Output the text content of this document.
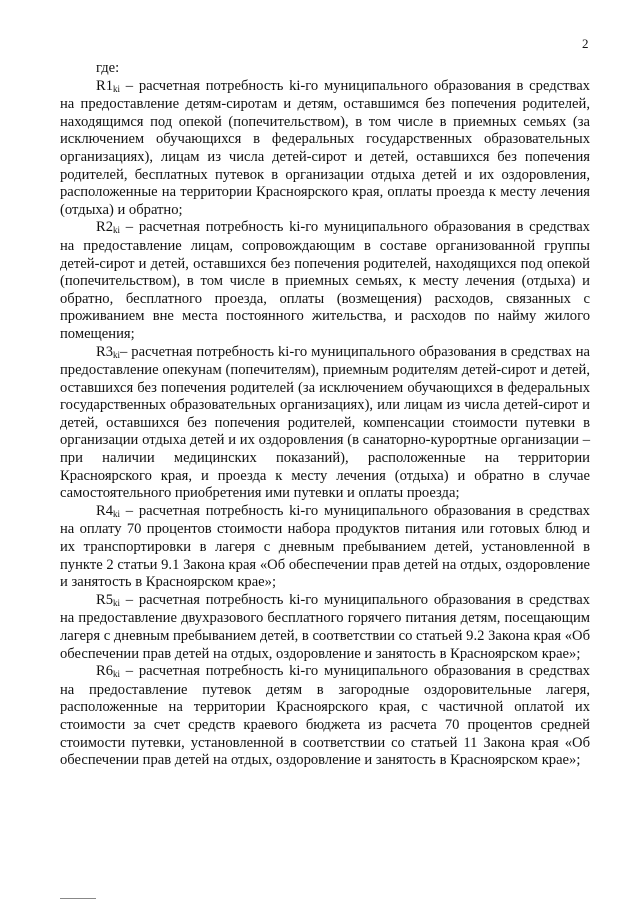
2

где:

R1ki – расчетная потребность ki-го муниципального образования в средствах на предоставление детям-сиротам и детям, оставшимся без попечения родителей, находящимся под опекой (попечительством), в том числе в приемных семьях (за исключением обучающихся в федеральных государственных образовательных организациях), лицам из числа детей-сирот и детей, оставшихся без попечения родителей, бесплатных путевок в организации отдыха детей и их оздоровления, расположенные на территории Красноярского края, оплаты проезда к месту лечения (отдыха) и обратно;

R2ki – расчетная потребность ki-го муниципального образования в средствах на предоставление лицам, сопровождающим в составе организованной группы детей-сирот и детей, оставшихся без попечения родителей, находящихся под опекой (попечительством), в том числе в приемных семьях, к месту лечения (отдыха) и обратно, бесплатного проезда, оплаты (возмещения) расходов, связанных с проживанием вне места постоянного жительства, и расходов по найму жилого помещения;

R3ki– расчетная потребность ki-го муниципального образования в средствах на предоставление опекунам (попечителям), приемным родителям детей-сирот и детей, оставшихся без попечения родителей (за исключением обучающихся в федеральных государственных образовательных организациях), или лицам из числа детей-сирот и детей, оставшихся без попечения родителей, компенсации стоимости путевки в организации отдыха детей и их оздоровления (в санаторно-курортные организации – при наличии медицинских показаний), расположенные на территории Красноярского края, и проезда к месту лечения (отдыха) и обратно в случае самостоятельного приобретения ими путевки и оплаты проезда;

R4ki – расчетная потребность ki-го муниципального образования в средствах на оплату 70 процентов стоимости набора продуктов питания или готовых блюд и их транспортировки в лагеря с дневным пребыванием детей, установленной в пункте 2 статьи 9.1 Закона края «Об обеспечении прав детей на отдых, оздоровление и занятость в Красноярском крае»;

R5ki – расчетная потребность ki-го муниципального образования в средствах на предоставление двухразового бесплатного горячего питания детям, посещающим лагеря с дневным пребыванием детей, в соответствии со статьей 9.2 Закона края «Об обеспечении прав детей на отдых, оздоровление и занятость в Красноярском крае»;

R6ki – расчетная потребность ki-го муниципального образования в средствах на предоставление путевок детям в загородные оздоровительные лагеря, расположенные на территории Красноярского края, с частичной оплатой их стоимости за счет средств краевого бюджета из расчета 70 процентов средней стоимости путевки, установленной в соответствии со статьей 11 Закона края «Об обеспечении прав детей на отдых, оздоровление и занятость в Красноярском крае»;
